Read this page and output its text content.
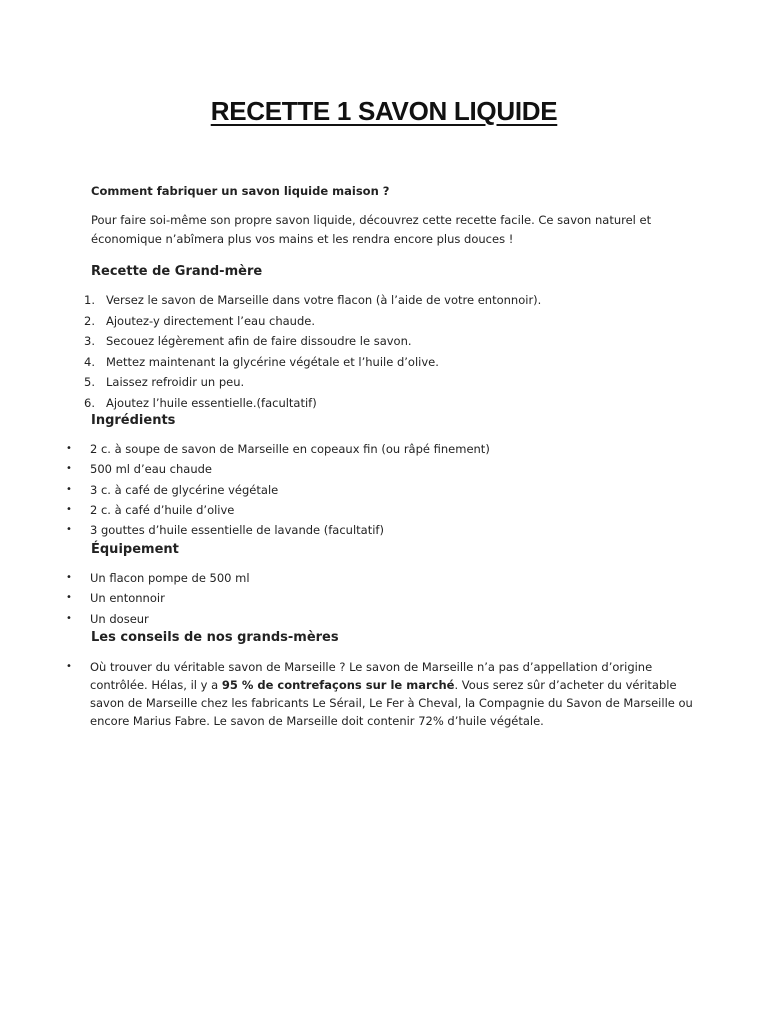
RECETTE 1 SAVON LIQUIDE

Comment fabriquer un savon liquide maison ?

Pour faire soi-même son propre savon liquide, découvrez cette recette facile. Ce savon naturel et économique n’abîmera plus vos mains et les rendra encore plus douces !

Recette de Grand-mère
1. Versez le savon de Marseille dans votre flacon (à l’aide de votre entonnoir).
2. Ajoutez-y directement l’eau chaude.
3. Secouez légèrement afin de faire dissoudre le savon.
4. Mettez maintenant la glycérine végétale et l’huile d’olive.
5. Laissez refroidir un peu.
6. Ajoutez l’huile essentielle.(facultatif)
Ingrédients
•	2 c. à soupe de savon de Marseille en copeaux fin (ou râpé finement)
•	500 ml d’eau chaude
•	3 c. à café de glycérine végétale
•	2 c. à café d’huile d’olive
•	3 gouttes d’huile essentielle de lavande (facultatif)
Équipement
•	Un flacon pompe de 500 ml
•	Un entonnoir
•	Un doseur
Les conseils de nos grands-mères
•	Où trouver du véritable savon de Marseille ? Le savon de Marseille n’a pas d’appellation d’origine contrôlée. Hélas, il y a 95 % de contrefaçons sur le marché. Vous serez sûr d’acheter du véritable savon de Marseille chez les fabricants Le Sérail, Le Fer à Cheval, la Compagnie du Savon de Marseille ou encore Marius Fabre. Le savon de Marseille doit contenir 72% d’huile végétale.
